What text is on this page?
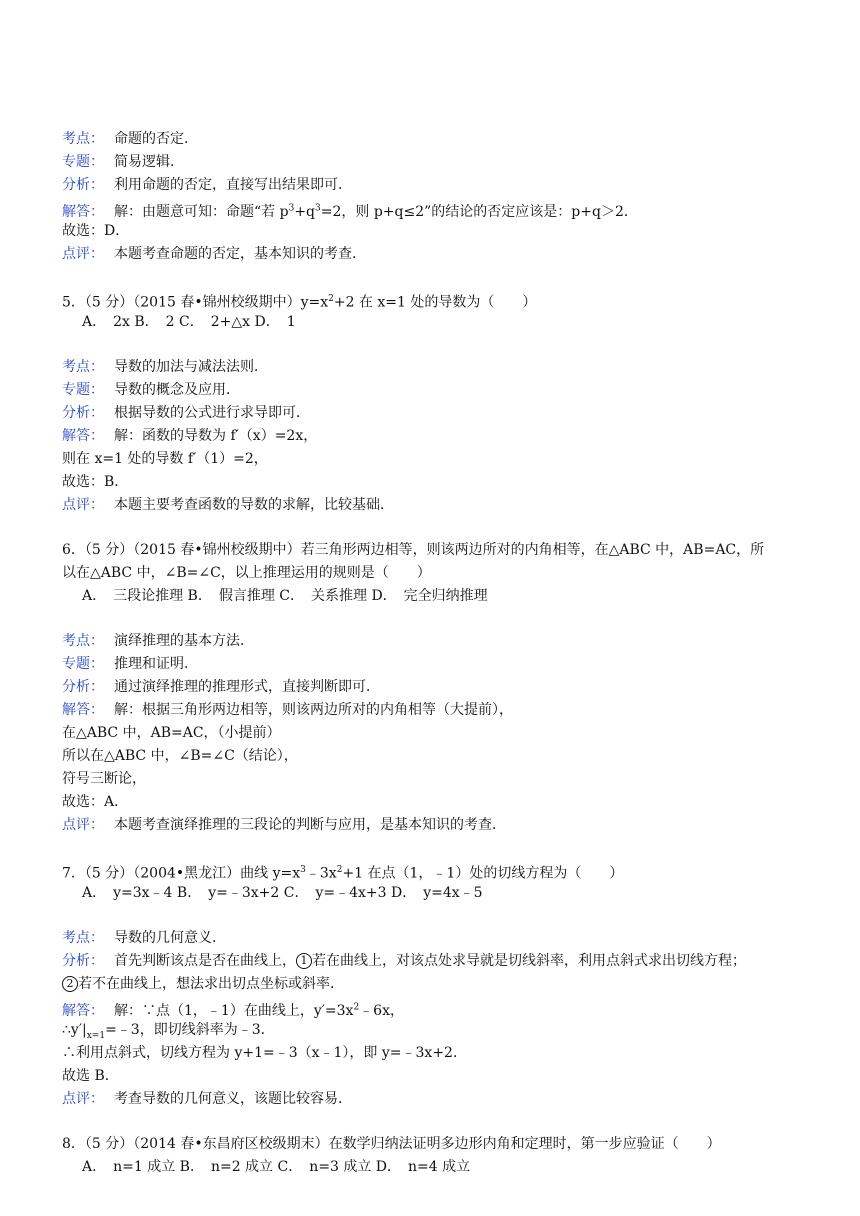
考点： 命题的否定．
专题： 简易逻辑．
分析： 利用命题的否定，直接写出结果即可．
解答： 解：由题意可知：命题“若 $p^3+q^3=2$，则 p+q≤2”的结论的否定应该是：p+q＞2．
故选：D．
点评： 本题考查命题的否定，基本知识的考查．
5．（5 分）（2015 春•锦州校级期中）$y=x^2+2$ 在 x=1 处的导数为（　　）
A．　2x B．　2 C．　2+△x D．　1
考点： 导数的加法与减法法则．
专题： 导数的概念及应用．
分析： 根据导数的公式进行求导即可．
解答： 解：函数的导数为 f′（x）=2x，
则在 x=1 处的导数 f′（1）=2，
故选：B．
点评： 本题主要考查函数的导数的求解，比较基础．
6．（5 分）（2015 春•锦州校级期中）若三角形两边相等，则该两边所对的内角相等，在△ABC 中，AB=AC，所
以在△ABC 中，∠B=∠C，以上推理运用的规则是（　　）
A．　三段论推理 B．　假言推理 C．　关系推理 D．　完全归纳推理
考点： 演绎推理的基本方法．
专题： 推理和证明．
分析： 通过演绎推理的推理形式，直接判断即可．
解答： 解：根据三角形两边相等，则该两边所对的内角相等（大提前），
在△ABC 中，AB=AC，（小提前）
所以在△ABC 中，∠B=∠C（结论），
符号三断论，
故选：A．
点评： 本题考查演绎推理的三段论的判断与应用，是基本知识的考查．
7．（5 分）（2004•黑龙江）曲线 $y=x^3﹣3x^2+1$ 在点（1，﹣1）处的切线方程为（　　）
A．　y=3x﹣4 B．　y=﹣3x+2 C．　y=﹣4x+3 D．　y=4x﹣5
考点： 导数的几何意义．
分析： 首先判断该点是否在曲线上， 1 若在曲线上，对该点处求导就是切线斜率，利用点斜式求出切线方程；
2 若不在曲线上，想法求出切点坐标或斜率．
解答： 解：∵点（1，﹣1）在曲线上，$y'=3x^2﹣6x$，
$\therefore y'|_{x=1}=﹣3$，即切线斜率为﹣3．
∴利用点斜式，切线方程为 y+1=﹣3（x﹣1），即 y=﹣3x+2．
故选 B．
点评： 考查导数的几何意义，该题比较容易．
8．（5 分）（2014 春•东昌府区校级期末）在数学归纳法证明多边形内角和定理时，第一步应验证（　　）
A．　n=1 成立 B．　n=2 成立 C．　n=3 成立 D．　n=4 成立
